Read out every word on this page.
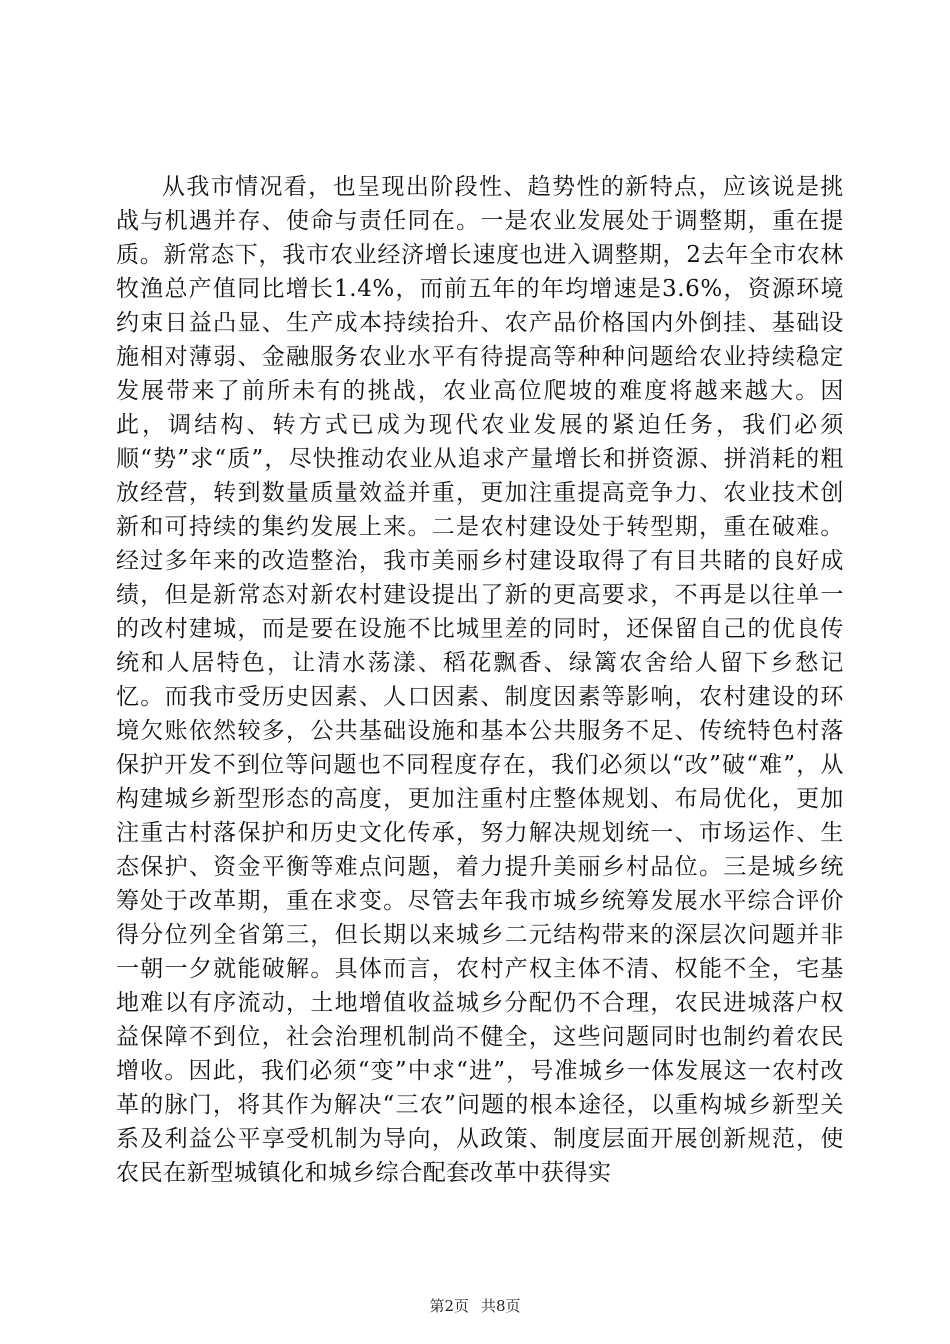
从我市情况看，也呈现出阶段性、趋势性的新特点，应该说是挑战与机遇并存、使命与责任同在。一是农业发展处于调整期，重在提质。新常态下，我市农业经济增长速度也进入调整期，2去年全市农林牧渔总产值同比增长1.4%，而前五年的年均增速是3.6%，资源环境约束日益凸显、生产成本持续抬升、农产品价格国内外倒挂、基础设施相对薄弱、金融服务农业水平有待提高等种种问题给农业持续稳定发展带来了前所未有的挑战，农业高位爬坡的难度将越来越大。因此，调结构、转方式已成为现代农业发展的紧迫任务，我们必须顺“势”求“质”，尽快推动农业从追求产量增长和拼资源、拼消耗的粗放经营，转到数量质量效益并重，更加注重提高竞争力、农业技术创新和可持续的集约发展上来。二是农村建设处于转型期，重在破难。经过多年来的改造整治，我市美丽乡村建设取得了有目共睹的良好成绩，但是新常态对新农村建设提出了新的更高要求，不再是以往单一的改村建城，而是要在设施不比城里差的同时，还保留自己的优良传统和人居特色，让清水荡漾、稻花飘香、绿篱农舍给人留下乡愁记忆。而我市受历史因素、人口因素、制度因素等影响，农村建设的环境欠账依然较多，公共基础设施和基本公共服务不足、传统特色村落保护开发不到位等问题也不同程度存在，我们必须以“改”破“难”，从构建城乡新型形态的高度，更加注重村庄整体规划、布局优化，更加注重古村落保护和历史文化传承，努力解决规划统一、市场运作、生态保护、资金平衡等难点问题，着力提升美丽乡村品位。三是城乡统筹处于改革期，重在求变。尽管去年我市城乡统筹发展水平综合评价得分位列全省第三，但长期以来城乡二元结构带来的深层次问题并非一朝一夕就能破解。具体而言，农村产权主体不清、权能不全，宅基地难以有序流动，土地增值收益城乡分配仍不合理，农民进城落户权益保障不到位，社会治理机制尚不健全，这些问题同时也制约着农民增收。因此，我们必须“变”中求“进”，号准城乡一体发展这一农村改革的脉门，将其作为解决“三农”问题的根本途径，以重构城乡新型关系及利益公平享受机制为导向，从政策、制度层面开展创新规范，使农民在新型城镇化和城乡综合配套改革中获得实

第2页 共8页
